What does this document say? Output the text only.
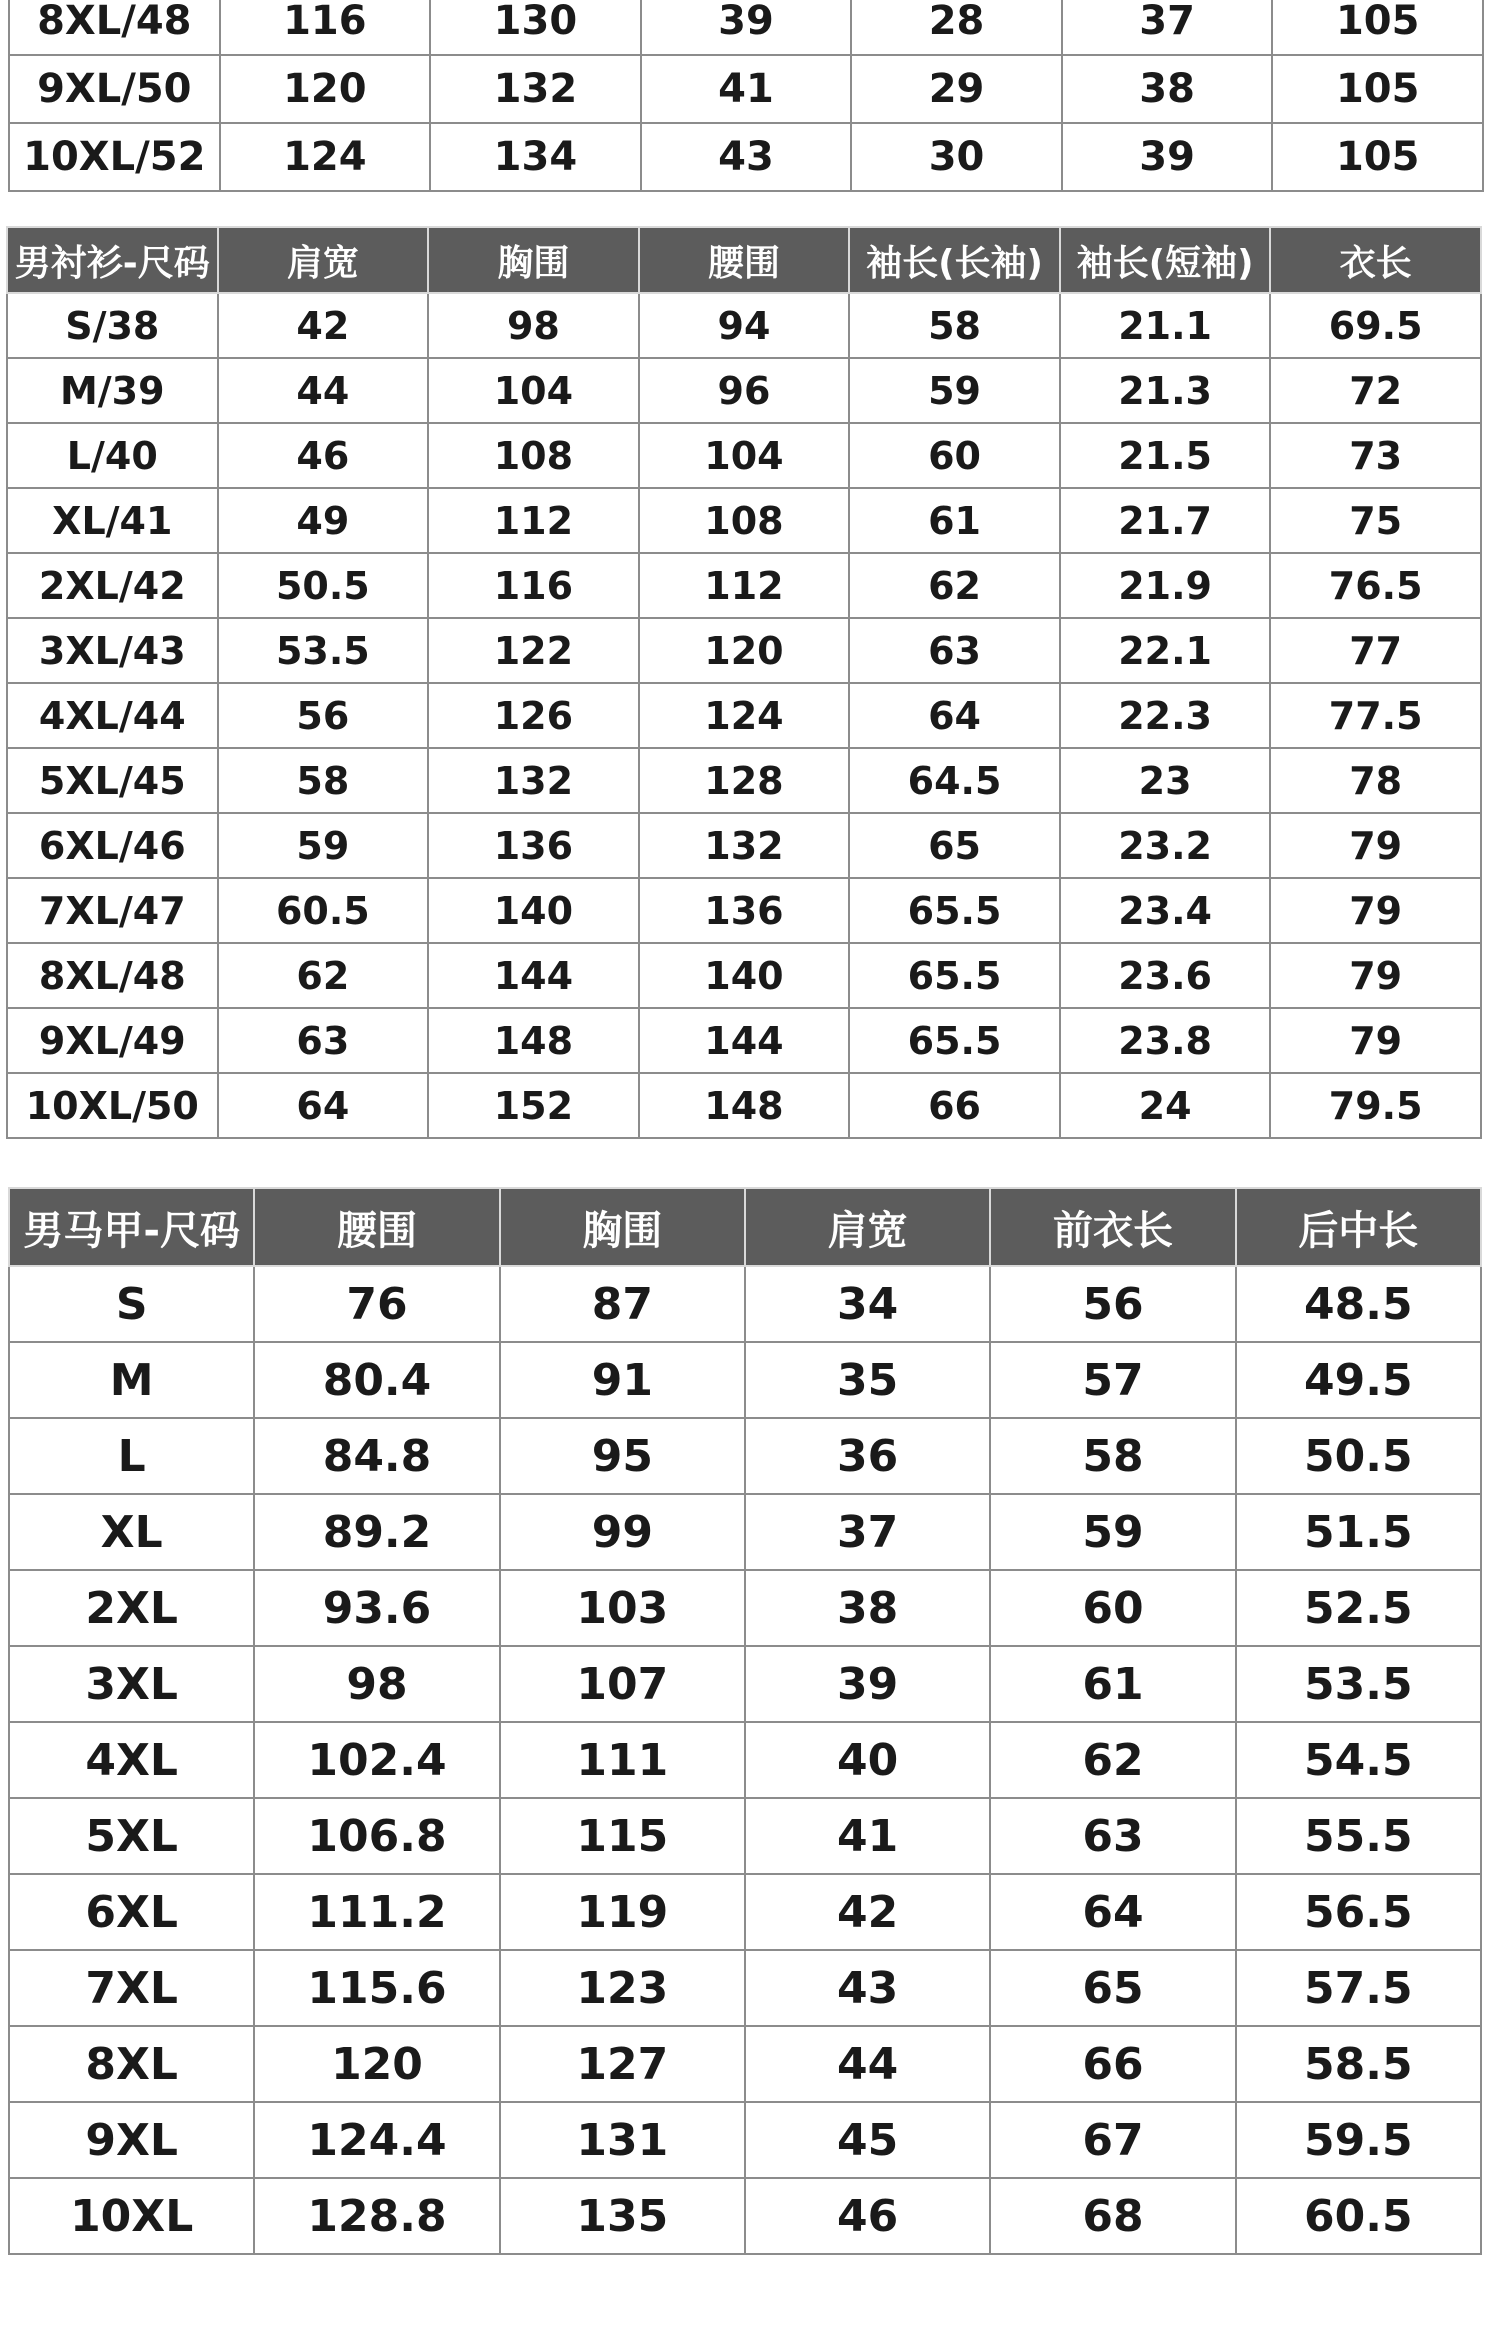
8XL/48	116	130	39	28	37	105
9XL/50	120	132	41	29	38	105
10XL/52	124	134	43	30	39	105
男衬衫-尺码	肩宽	胸围	腰围	袖长(长袖)	袖长(短袖)	衣长
S/38	42	98	94	58	21.1	69.5
M/39	44	104	96	59	21.3	72
L/40	46	108	104	60	21.5	73
XL/41	49	112	108	61	21.7	75
2XL/42	50.5	116	112	62	21.9	76.5
3XL/43	53.5	122	120	63	22.1	77
4XL/44	56	126	124	64	22.3	77.5
5XL/45	58	132	128	64.5	23	78
6XL/46	59	136	132	65	23.2	79
7XL/47	60.5	140	136	65.5	23.4	79
8XL/48	62	144	140	65.5	23.6	79
9XL/49	63	148	144	65.5	23.8	79
10XL/50	64	152	148	66	24	79.5
男马甲-尺码	腰围	胸围	肩宽	前衣长	后中长
S	76	87	34	56	48.5
M	80.4	91	35	57	49.5
L	84.8	95	36	58	50.5
XL	89.2	99	37	59	51.5
2XL	93.6	103	38	60	52.5
3XL	98	107	39	61	53.5
4XL	102.4	111	40	62	54.5
5XL	106.8	115	41	63	55.5
6XL	111.2	119	42	64	56.5
7XL	115.6	123	43	65	57.5
8XL	120	127	44	66	58.5
9XL	124.4	131	45	67	59.5
10XL	128.8	135	46	68	60.5
